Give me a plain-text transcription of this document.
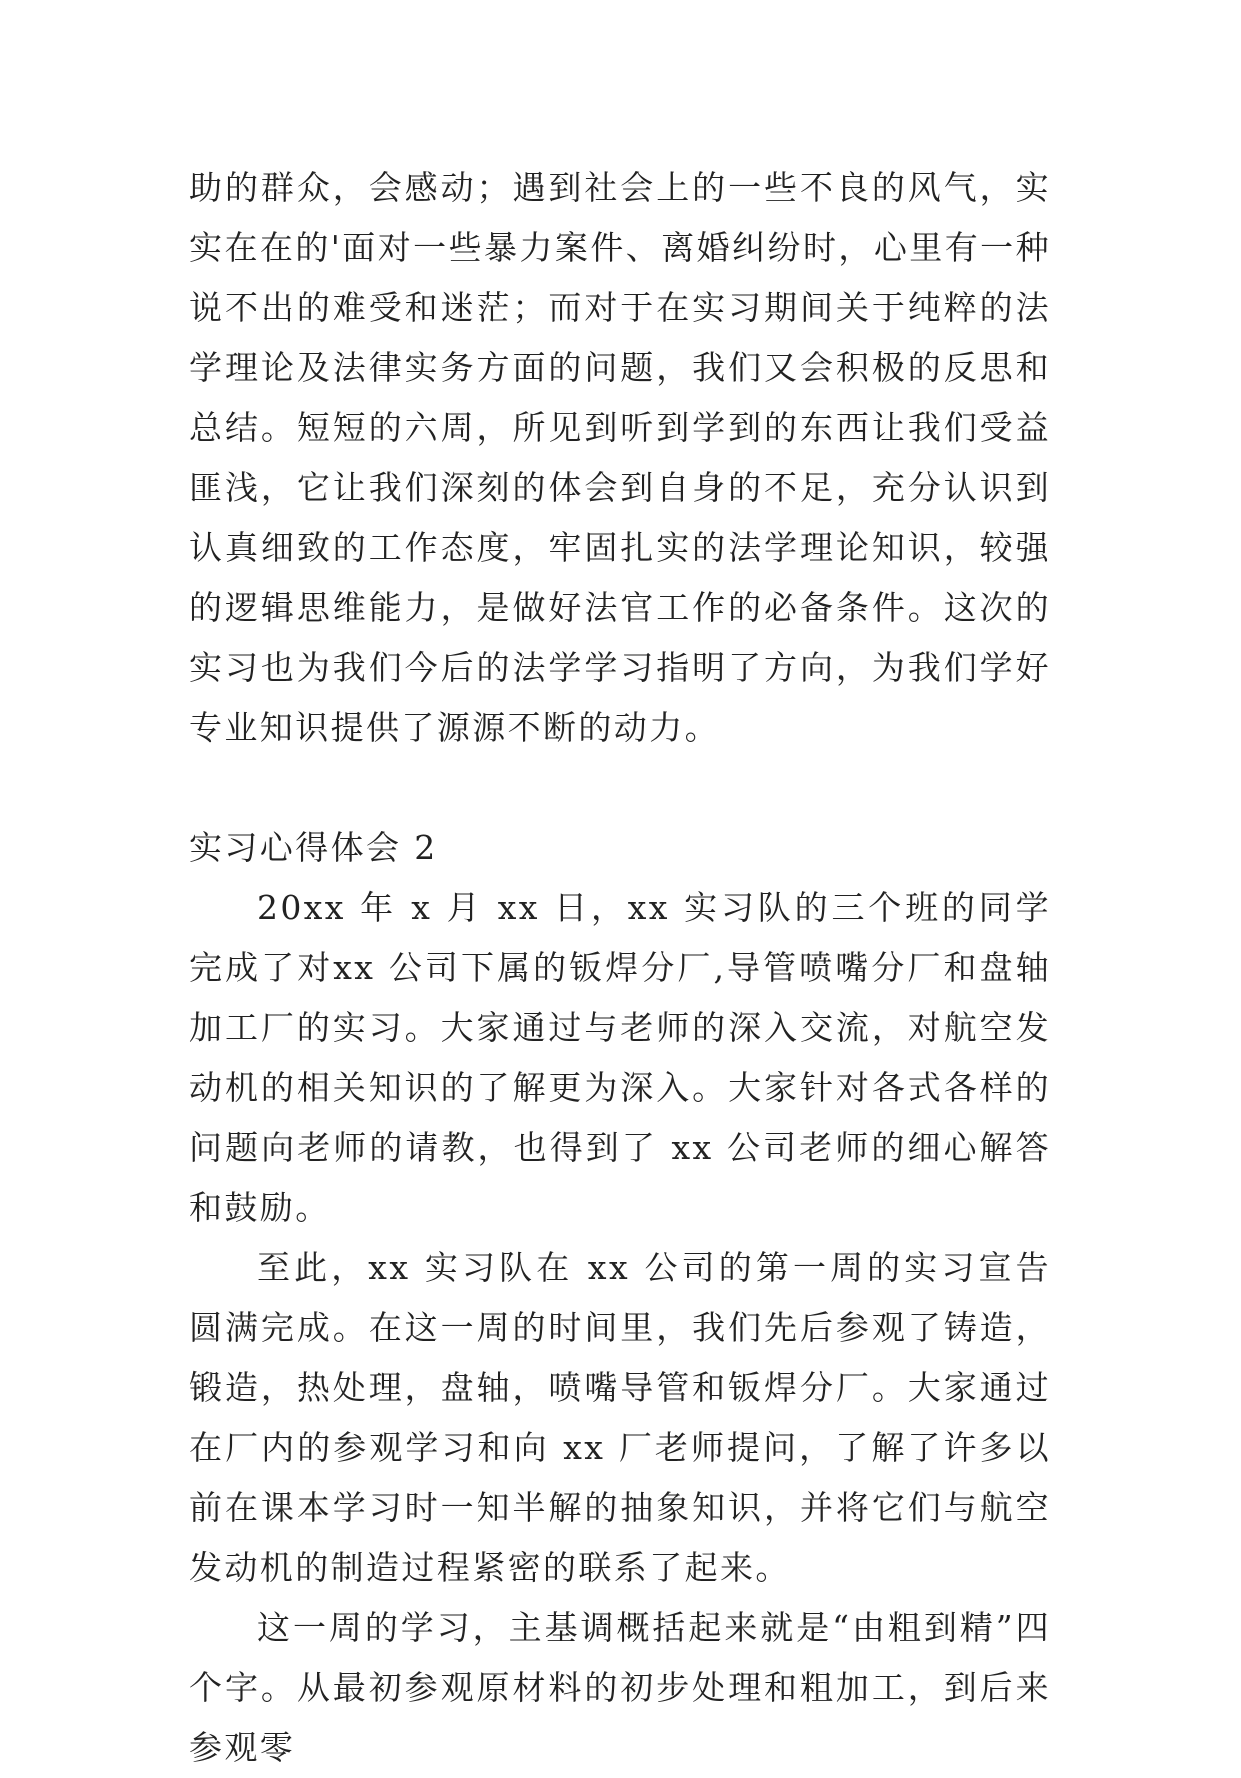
助的群众，会感动；遇到社会上的一些不良的风气，实实在在的'面对一些暴力案件、离婚纠纷时，心里有一种说不出的难受和迷茫；而对于在实习期间关于纯粹的法学理论及法律实务方面的问题，我们又会积极的反思和总结。短短的六周，所见到听到学到的东西让我们受益匪浅，它让我们深刻的体会到自身的不足，充分认识到认真细致的工作态度，牢固扎实的法学理论知识，较强的逻辑思维能力，是做好法官工作的必备条件。这次的实习也为我们今后的法学学习指明了方向，为我们学好专业知识提供了源源不断的动力。

实习心得体会 2

20xx 年 x 月 xx 日，xx 实习队的三个班的同学完成了对xx 公司下属的钣焊分厂,导管喷嘴分厂和盘轴加工厂的实习。大家通过与老师的深入交流，对航空发动机的相关知识的了解更为深入。大家针对各式各样的问题向老师的请教，也得到了 xx 公司老师的细心解答和鼓励。

至此，xx 实习队在 xx 公司的第一周的实习宣告圆满完成。在这一周的时间里，我们先后参观了铸造，锻造，热处理，盘轴，喷嘴导管和钣焊分厂。大家通过在厂内的参观学习和向 xx 厂老师提问，了解了许多以前在课本学习时一知半解的抽象知识，并将它们与航空发动机的制造过程紧密的联系了起来。

这一周的学习，主基调概括起来就是“由粗到精”四个字。从最初参观原材料的初步处理和粗加工，到后来参观零
